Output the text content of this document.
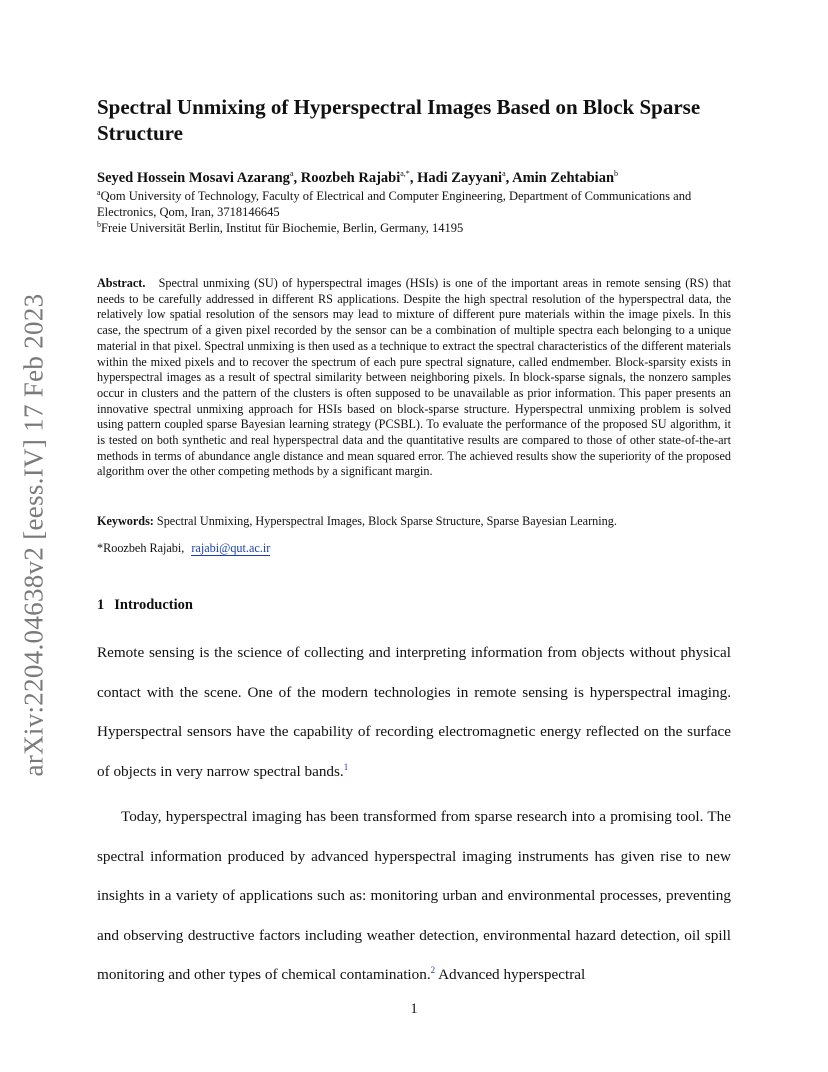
arXiv:2204.04638v2 [eess.IV] 17 Feb 2023
Spectral Unmixing of Hyperspectral Images Based on Block Sparse Structure
Seyed Hossein Mosavi Azarang$^a$, Roozbeh Rajabi$^{a,*}$, Hadi Zayyani$^a$, Amin Zehtabian$^b$
$^a$Qom University of Technology, Faculty of Electrical and Computer Engineering, Department of Communications and Electronics, Qom, Iran, 3718146645
$^b$Freie Universität Berlin, Institut für Biochemie, Berlin, Germany, 14195
Abstract. Spectral unmixing (SU) of hyperspectral images (HSIs) is one of the important areas in remote sensing (RS) that needs to be carefully addressed in different RS applications. Despite the high spectral resolution of the hyperspectral data, the relatively low spatial resolution of the sensors may lead to mixture of different pure materials within the image pixels. In this case, the spectrum of a given pixel recorded by the sensor can be a combination of multiple spectra each belonging to a unique material in that pixel. Spectral unmixing is then used as a technique to extract the spectral characteristics of the different materials within the mixed pixels and to recover the spectrum of each pure spectral signature, called endmember. Block-sparsity exists in hyperspectral images as a result of spectral similarity between neighboring pixels. In block-sparse signals, the nonzero samples occur in clusters and the pattern of the clusters is often supposed to be unavailable as prior information. This paper presents an innovative spectral unmixing approach for HSIs based on block-sparse structure. Hyperspectral unmixing problem is solved using pattern coupled sparse Bayesian learning strategy (PCSBL). To evaluate the performance of the proposed SU algorithm, it is tested on both synthetic and real hyperspectral data and the quantitative results are compared to those of other state-of-the-art methods in terms of abundance angle distance and mean squared error. The achieved results show the superiority of the proposed algorithm over the other competing methods by a significant margin.
Keywords: Spectral Unmixing, Hyperspectral Images, Block Sparse Structure, Sparse Bayesian Learning.
*Roozbeh Rajabi, rajabi@qut.ac.ir
1 Introduction

Remote sensing is the science of collecting and interpreting information from objects without physical contact with the scene. One of the modern technologies in remote sensing is hyperspectral imaging. Hyperspectral sensors have the capability of recording electromagnetic energy reflected on the surface of objects in very narrow spectral bands.$^1$

Today, hyperspectral imaging has been transformed from sparse research into a promising tool. The spectral information produced by advanced hyperspectral imaging instruments has given rise to new insights in a variety of applications such as: monitoring urban and environmental processes, preventing and observing destructive factors including weather detection, environmental hazard detection, oil spill monitoring and other types of chemical contamination.$^2$ Advanced hyperspectral

1
